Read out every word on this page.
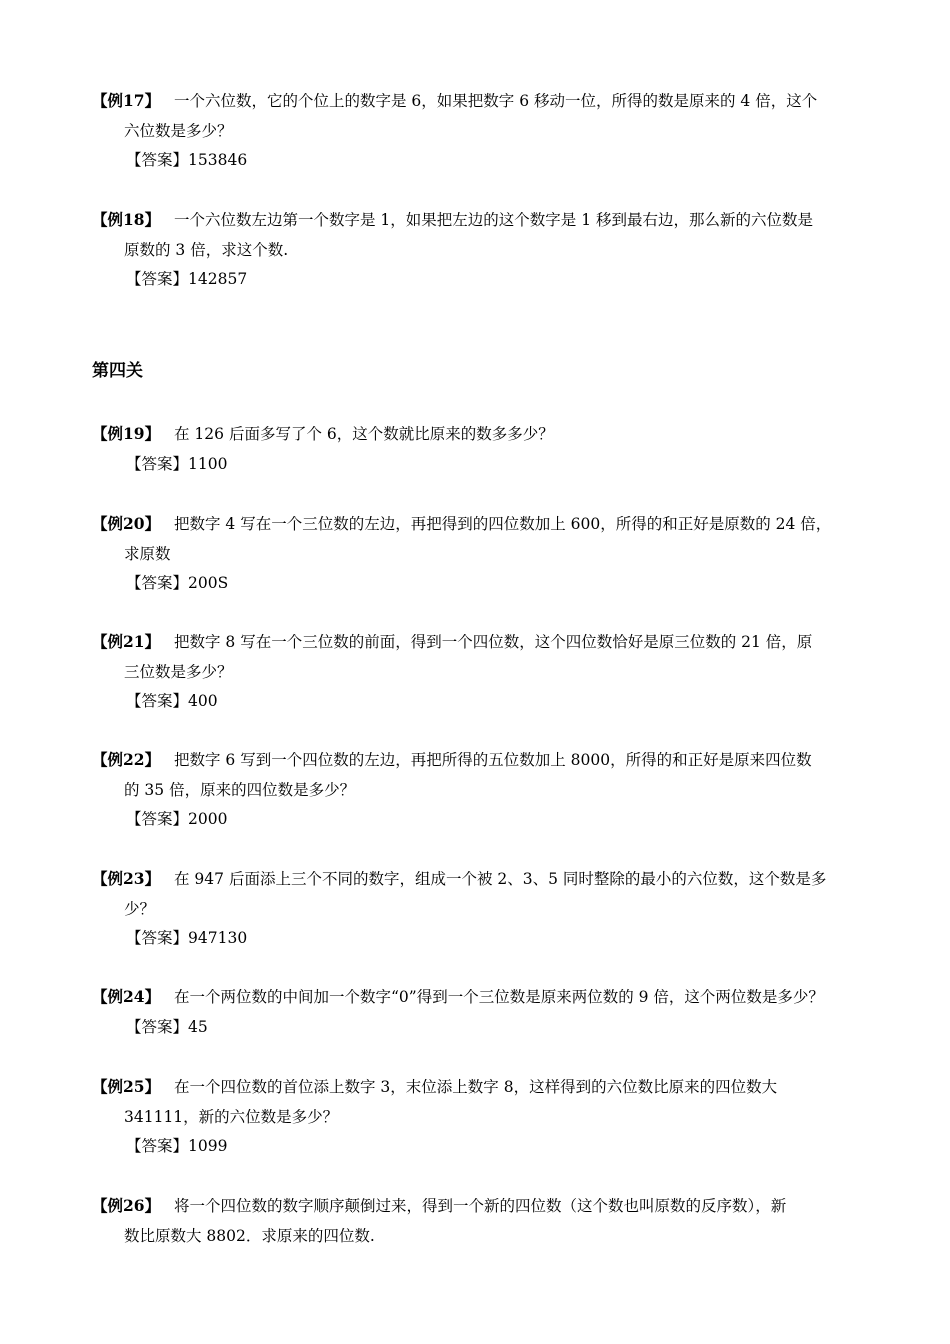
【例17】 一个六位数，它的个位上的数字是 6，如果把数字 6 移动一位，所得的数是原来的 4 倍，这个
六位数是多少？
【答案】153846
【例18】 一个六位数左边第一个数字是 1，如果把左边的这个数字是 1 移到最右边，那么新的六位数是
原数的 3 倍，求这个数.
【答案】142857
第四关
【例19】 在 126 后面多写了个 6，这个数就比原来的数多多少？
【答案】1100
【例20】 把数字 4 写在一个三位数的左边，再把得到的四位数加上 600，所得的和正好是原数的 24 倍，
求原数
【答案】200S
【例21】 把数字 8 写在一个三位数的前面，得到一个四位数，这个四位数恰好是原三位数的 21 倍，原
三位数是多少？
【答案】400
【例22】 把数字 6 写到一个四位数的左边，再把所得的五位数加上 8000，所得的和正好是原来四位数
的 35 倍，原来的四位数是多少？
【答案】2000
【例23】 在 947 后面添上三个不同的数字，组成一个被 2、3、5 同时整除的最小的六位数，这个数是多
少？
【答案】947130
【例24】 在一个两位数的中间加一个数字“0”得到一个三位数是原来两位数的 9 倍，这个两位数是多少？
【答案】45
【例25】 在一个四位数的首位添上数字 3，末位添上数字 8，这样得到的六位数比原来的四位数大
341111，新的六位数是多少？
【答案】1099
【例26】 将一个四位数的数字顺序颠倒过来，得到一个新的四位数（这个数也叫原数的反序数），新
数比原数大 8802．求原来的四位数.
